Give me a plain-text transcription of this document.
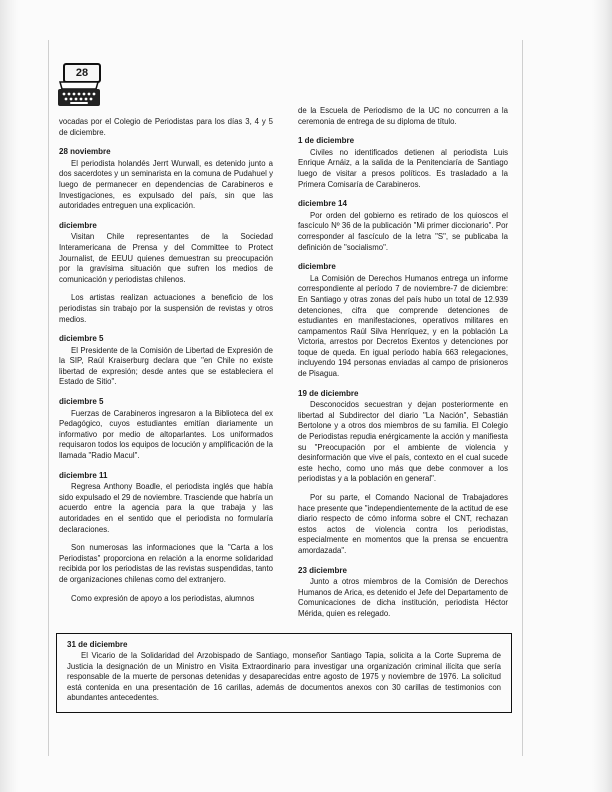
28

vocadas por el Colegio de Periodistas para los días 3, 4 y 5 de diciembre.

28 noviembre

El periodista holandés Jerrt Wurwall, es detenido junto a dos sacerdotes y un seminarista en la comuna de Pudahuel y luego de permanecer en dependencias de Carabineros e Investigaciones, es expulsado del país, sin que las autoridades entreguen una explicación.

diciembre

Visitan Chile representantes de la Sociedad Interamericana de Prensa y del Committee to Protect Journalist, de EEUU quienes demuestran su preocupación por la gravísima situación que sufren los medios de comunicación y periodistas chilenos.

Los artistas realizan actuaciones a beneficio de los periodistas sin trabajo por la suspensión de revistas y otros medios.

diciembre 5

El Presidente de la Comisión de Libertad de Expresión de la SIP, Raúl Kraiserburg declara que "en Chile no existe libertad de expresión; desde antes que se estableciera el Estado de Sitio".

diciembre 5

Fuerzas de Carabineros ingresaron a la Biblioteca del ex Pedagógico, cuyos estudiantes emitían diariamente un informativo por medio de altoparlantes. Los uniformados requisaron todos los equipos de locución y amplificación de la llamada "Radio Macul".

diciembre 11

Regresa Anthony Boadle, el periodista inglés que había sido expulsado el 29 de noviembre. Trasciende que habría un acuerdo entre la agencia para la que trabaja y las autoridades en el sentido que el periodista no formularía declaraciones.

Son numerosas las informaciones que la "Carta a los Periodistas" proporciona en relación a la enorme solidaridad recibida por los periodistas de las revistas suspendidas, tanto de organizaciones chilenas como del extranjero.

Como expresión de apoyo a los periodistas, alumnos

de la Escuela de Periodismo de la UC no concurren a la ceremonia de entrega de su diploma de título.

1 de diciembre

Civiles no identificados detienen al periodista Luis Enrique Arnáiz, a la salida de la Penitenciaría de Santiago luego de visitar a presos políticos. Es trasladado a la Primera Comisaría de Carabineros.

diciembre 14

Por orden del gobierno es retirado de los quioscos el fascículo Nº 36 de la publicación "Mi primer diccionario". Por corresponder al fascículo de la letra "S", se publicaba la definición de "socialismo".

diciembre

La Comisión de Derechos Humanos entrega un informe correspondiente al período 7 de noviembre-7 de diciembre: En Santiago y otras zonas del país hubo un total de 12.939 detenciones, cifra que comprende detenciones de estudiantes en manifestaciones, operativos militares en campamentos Raúl Silva Henríquez, y en la población La Victoria, arrestos por Decretos Exentos y detenciones por toque de queda. En igual período había 663 relegaciones, incluyendo 194 personas enviadas al campo de prisioneros de Pisagua.

19 de diciembre

Desconocidos secuestran y dejan posteriormente en libertad al Subdirector del diario "La Nación", Sebastián Bertolone y a otros dos miembros de su familia. El Colegio de Periodistas repudia enérgicamente la acción y manifiesta su "Preocupación por el ambiente de violencia y desinformación que vive el país, contexto en el cual sucede este hecho, como uno más que debe conmover a los periodistas y a la población en general".

Por su parte, el Comando Nacional de Trabajadores hace presente que "independientemente de la actitud de ese diario respecto de cómo informa sobre el CNT, rechazan estos actos de violencia contra los periodistas, especialmente en momentos que la prensa se encuentra amordazada".

23 diciembre

Junto a otros miembros de la Comisión de Derechos Humanos de Arica, es detenido el Jefe del Departamento de Comunicaciones de dicha institución, periodista Héctor Mérida, quien es relegado.

31 de diciembre

El Vicario de la Solidaridad del Arzobispado de Santiago, monseñor Santiago Tapia, solicita a la Corte Suprema de Justicia la designación de un Ministro en Visita Extraordinario para investigar una organización criminal ilícita que sería responsable de la muerte de personas detenidas y desaparecidas entre agosto de 1975 y noviembre de 1976. La solicitud está contenida en una presentación de 16 carillas, además de documentos anexos con 30 carillas de testimonios con abundantes antecedentes.
